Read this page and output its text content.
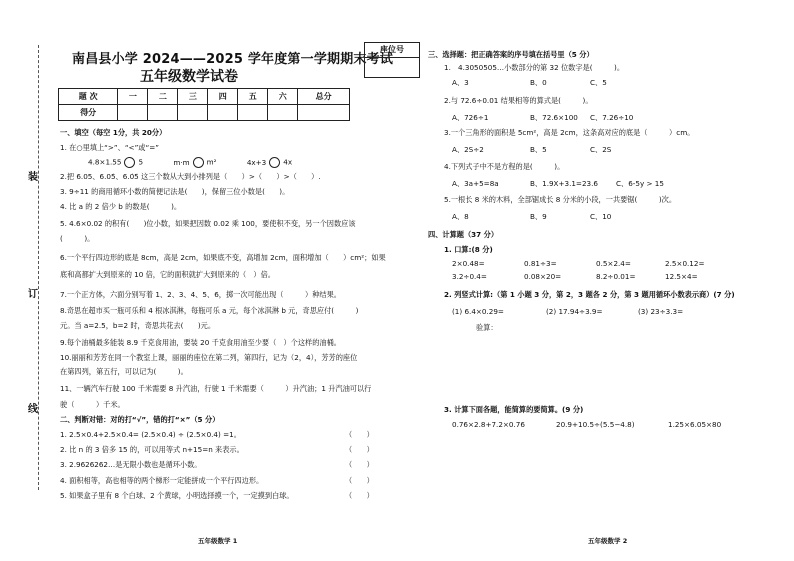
装
订
线
南昌县小学 2024——2025 学年度第一学期期末考试
五年级数学试卷
座位号
题 次	一	二	三	四	五	六	总分
得分							
一、填空（每空 1分，共 20分）
1. 在○里填上“>”、“<”或“=”
4.8×1.55 5	m·m m²	4x+3 4x
2.把 6.05、6.05̇、6.0̇5̇ 这三个数从大到小排列是（　　）>（　　）>（　　）.
3. 9÷11 的商用循环小数的简便记法是(　　)，保留三位小数是(　　)。
4. 比 a 的 2 倍少 b 的数是(　　　)。
5. 4.6×0.02 的积有(　　)位小数，如果把因数 0.02 乘 100，要使积不变，另一个因数应该
(　　　)。
6.一个平行四边形的底是 8cm，高是 2cm，如果底不变，高增加 2cm，面积增加（　　）cm²；如果
底和高都扩大到原来的 10 倍，它的面积就扩大到原来的（　）倍。
7.一个正方体，六面分别写着 1、2、3、4、5、6，掷一次可能出现（　　　）种结果。
8.奇思在超市买一瓶可乐和 4 根冰淇淋，每瓶可乐 a 元，每个冰淇淋 b 元，奇思应付(　　　)
元。当 a=2.5，b=2 时，奇思共花去(　　)元。
9.每个油桶最多能装 8.9 千克食用油，要装 20 千克食用油至少要（　）个这样的油桶。
10.丽丽和芳芳在同一个教室上课，丽丽的座位在第二列，第四行，记为（2，4），芳芳的座位
在第四列，第五行，可以记为(　　　)。
11、一辆汽车行驶 100 千米需要 8 升汽油，行驶 1 千米需要（　　　）升汽油；1 升汽油可以行
驶（　　　）千米。
二、判断对错：对的打“√”，错的打“×”（5 分）
1. 2.5×0.4+2.5×0.4= (2.5×0.4) ÷ (2.5×0.4) =1。	（　　）
2. 比 n 的 3 倍多 15 的，可以用等式 n+15=n 来表示。	（　　）
3. 2.9626262…是无限小数也是循环小数。	（　　）
4. 面积相等，高也相等的两个梯形一定能拼成一个平行四边形。	（　　）
5. 如果盒子里有 8 个白球、2 个黄球，小明选择摸一个，一定摸到白球。	（　　）
五年级数学 1
三、选择题：把正确答案的序号填在括号里（5 分）
1.　4.3050505…小数部分的第 32 位数字是(　　　)。
A、3	B、0	C、5
2.与 72.6÷0.01 结果相等的算式是(　　　)。
A、726÷1	B、72.6×100 C、7.26÷10
3.一个三角形的面积是 5cm²，高是 2cm，这条高对应的底是（　　　）cm。
A、2S÷2	B、5	C、2S
4.下列式子中不是方程的是(　　　)。
A、3a+5=8a	B、1.9X+3.1=23.6	C、6-5y > 15
5.一根长 8 米的木料，全部锯成长 8 分米的小段，一共要锯(　　　)次。
A、8	B、9	C、10
四、计算题（37 分）
1. 口算:(8 分)
2×0.48=	0.81÷3=	0.5×2.4=	2.5×0.12=
3.2÷0.4=	0.08×20=	8.2÷0.01=	12.5×4=
2. 列竖式计算:（第 1 小题 3 分，第 2，3 题各 2 分，第 3 题用循环小数表示商）(7 分)
(1) 6.4×0.29=	(2) 17.94÷3.9=	(3) 23÷3.3=
验算：
3. 计算下面各题，能简算的要简算。(9 分)
0.76×2.8+7.2×0.76	20.9+10.5÷(5.5−4.8)	1.25×6.05×80
五年级数学 2
